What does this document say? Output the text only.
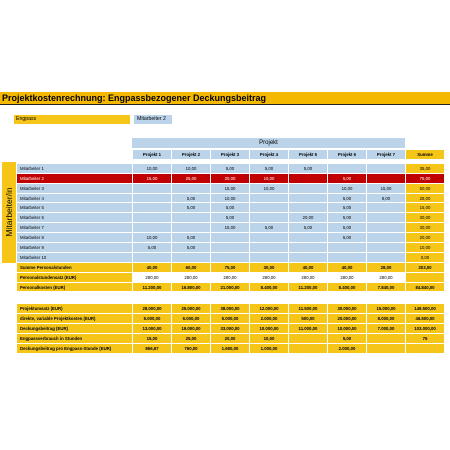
Projektkostenrechnung: Engpassbezogener Deckungsbeitrag
Engpass	Mitarbeiter 2
Projekt
Mitarbeiter/in
	Projekt 1	Projekt 2	Projekt 3	Projekt 4	Projekt 5	Projekt 6	Projekt 7	Summe

Mitarbeiter 1	10,00	10,00	5,00	5,00	5,00			35,00
Mitarbeiter 2	15,00	25,00	20,00	10,00		5,00		75,00
Mitarbeiter 3			15,00	10,00		10,00	15,00	50,00
Mitarbeiter 4		5,00	10,00			5,00	8,00	28,00
Mitarbeiter 5		5,00	5,00			5,00		15,00
Mitarbeiter 6			5,00		20,00	5,00		30,00
Mitarbeiter 7			15,00	5,00	5,00	5,00		30,00
Mitarbeiter 8	10,00	5,00				5,00		20,00
Mitarbeiter 9	5,00	5,00						10,00
Mitarbeiter 10								0,00
Summe Personalstunden	40,00	60,00	75,00	30,00	40,00	40,00	28,00	303,00
Personalstundensatz (EUR)	280,00	280,00	280,00	280,00	280,00	280,00	280,00	
Personalkosten (EUR)	11.200,00	16.800,00	21.000,00	8.400,00	11.200,00	8.400,00	7.840,00	84.840,00

Projektumsatz (EUR)	28.000,00	25.000,00	38.000,00	12.000,00	11.500,00	30.000,00	15.000,00	149.500,00
direkte, variable Projektkosten (EUR)	5.000,00	6.000,00	5.000,00	2.000,00	500,00	20.000,00	8.000,00	46.500,00
Deckungsbeitrag (EUR)	13.000,00	19.000,00	33.000,00	10.000,00	11.000,00	10.000,00	7.000,00	103.000,00
Engpassverbrauch in Stunden	15,00	25,00	20,00	10,00		5,00		75
Deckungsbeitrag pro Engpass-Stunde (EUR)	866,67	760,00	1.650,00	1.000,00		2.000,00		
